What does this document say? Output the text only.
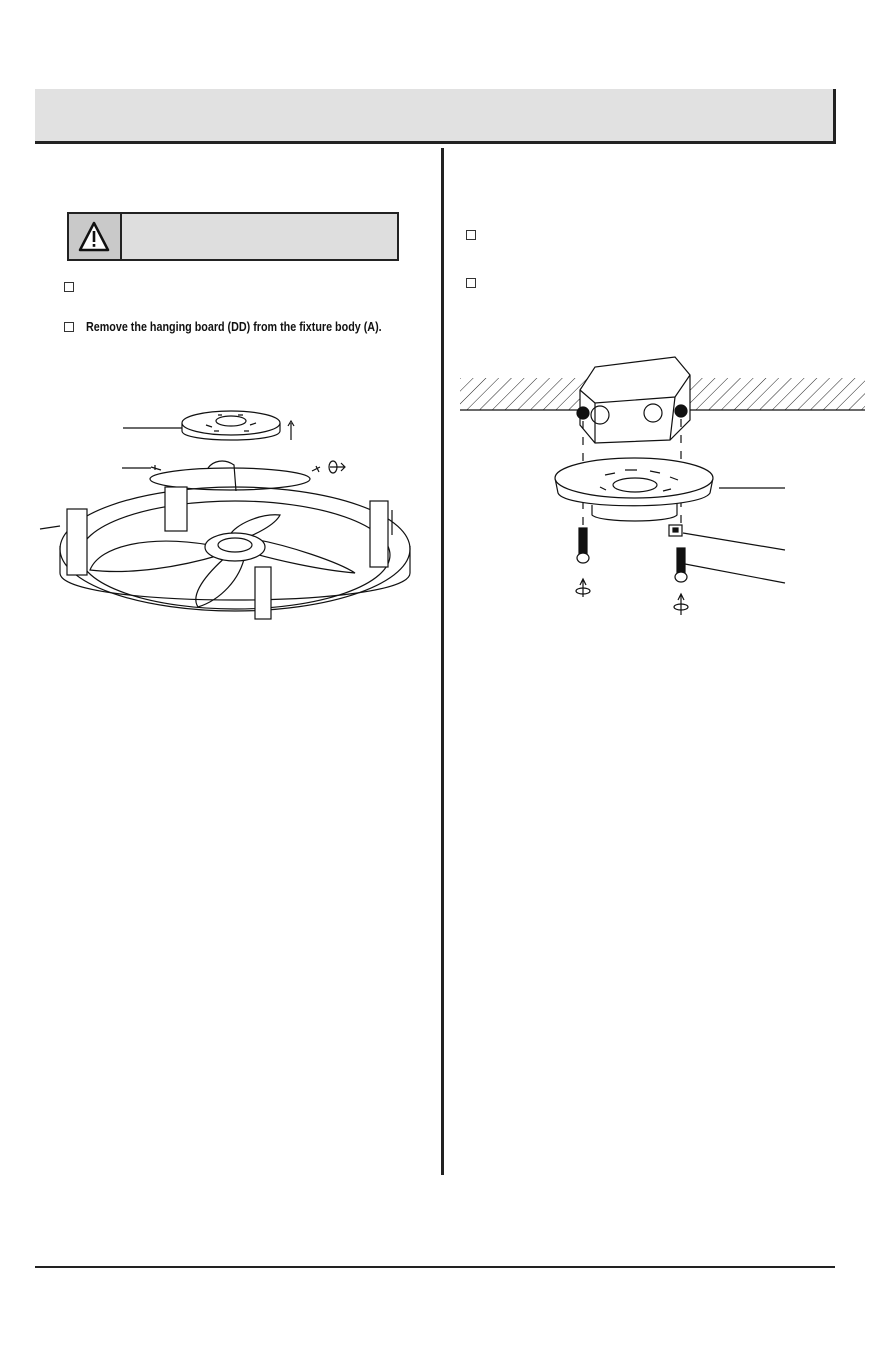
Remove the hanging board (DD) from the fixture body (A).
